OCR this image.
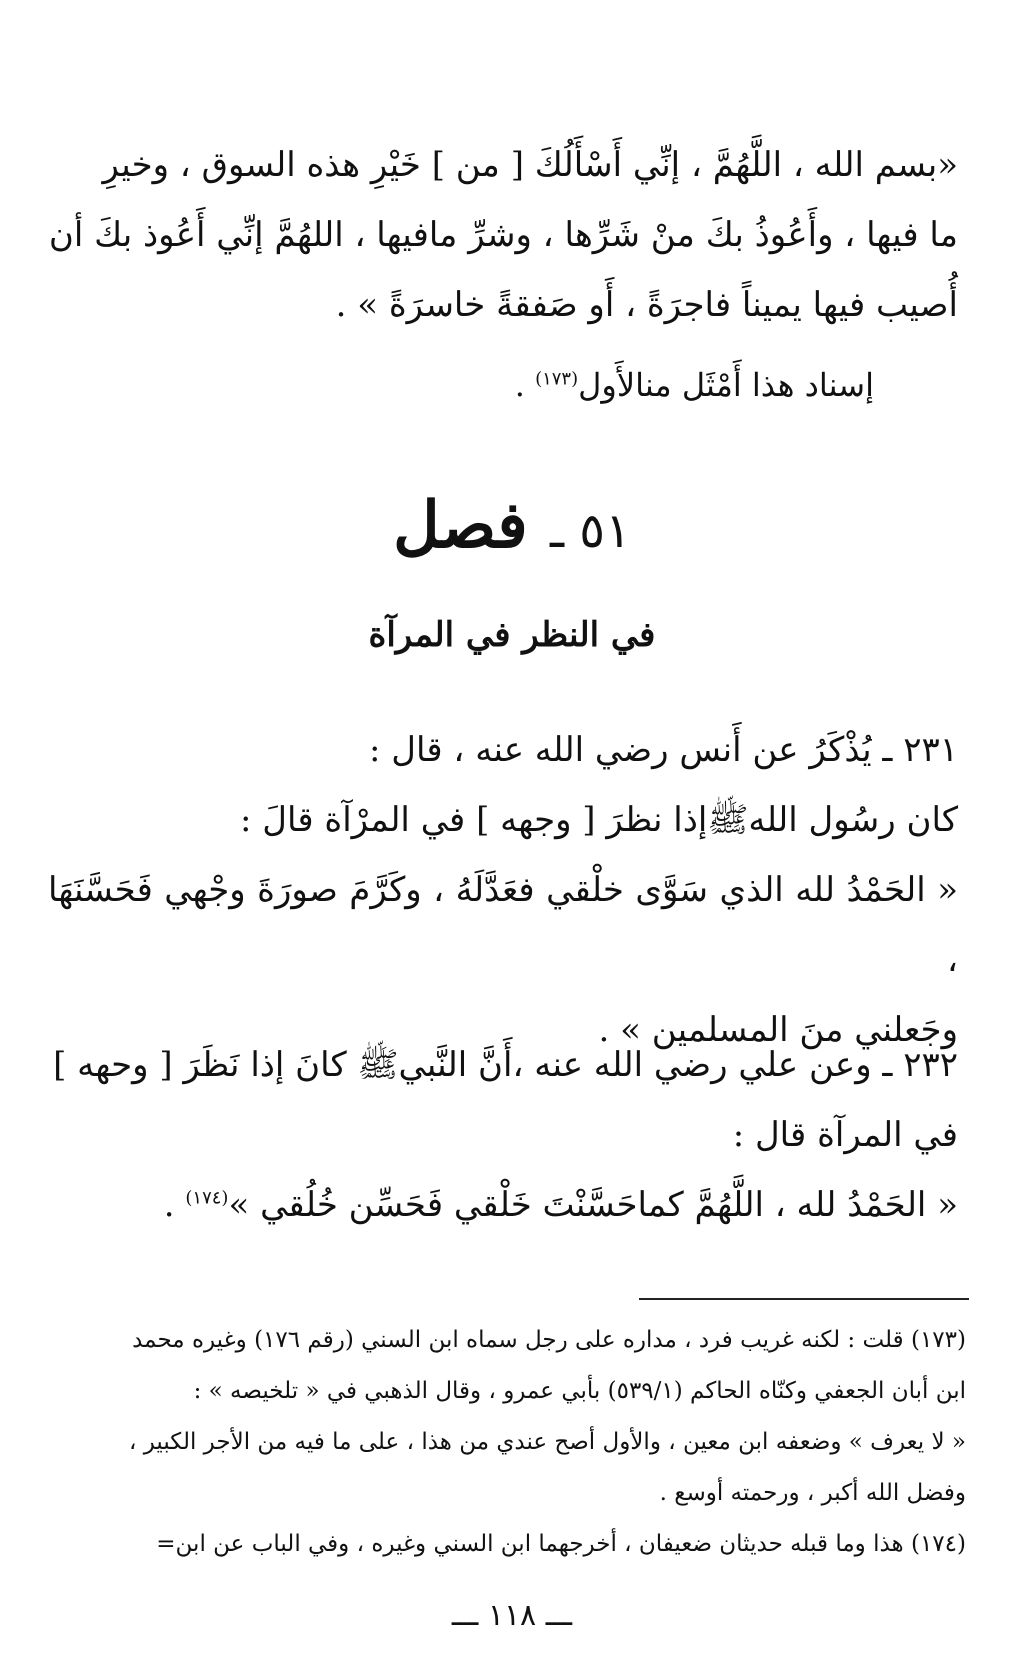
«بسم الله ، اللَّهُمَّ ، إنِّي أَسْأَلُكَ [ من ] خَيْرِ هذه السوق ، وخيرِ

ما فيها ، وأَعُوذُ بكَ منْ شَرِّها ، وشرِّ مافيها ، اللهُمَّ إنِّي أَعُوذ بكَ أن

أُصيب فيها يميناً فاجرَةً ، أَو صَفقةً خاسرَةً » .

إسناد هذا أَمْثَل منالأَول$^{(١٧٣)}$ .
٥١ ـ فصل
في النظر في المرآة

٢٣١ ـ يُذْكَرُ عن أَنس رضي الله عنه ، قال :

كان رسُول اللهﷺإذا نظرَ [ وجهه ] في المرْآة قالَ :

« الحَمْدُ لله الذي سَوَّى خلْقي فعَدَّلَهُ ، وكَرَّمَ صورَةَ وجْهي فَحَسَّنَهَا ،

وجَعلني منَ المسلمين » .

٢٣٢ ـ وعن علي رضي الله عنه ،أَنَّ النَّبيﷺ كانَ إذا نَظَرَ [ وحهه ]

في المرآة قال :

« الحَمْدُ لله ، اللَّهُمَّ كماحَسَّنْتَ خَلْقي فَحَسِّن خُلُقي »$^{(١٧٤)}$ .

(١٧٣) قلت : لكنه غريب فرد ، مداره على رجل سماه ابن السني (رقم ١٧٦) وغيره محمد

ابن أبان الجعفي وكنّاه الحاكم (٥٣٩/١) بأبي عمرو ، وقال الذهبي في « تلخيصه » :

« لا يعرف » وضعفه ابن معين ، والأول أصح عندي من هذا ، على ما فيه من الأجر الكبير ،

وفضل الله أكبر ، ورحمته أوسع .

(١٧٤) هذا وما قبله حديثان ضعيفان ، أخرجهما ابن السني وغيره ، وفي الباب عن ابن=

ـــ ١١٨ ـــ
